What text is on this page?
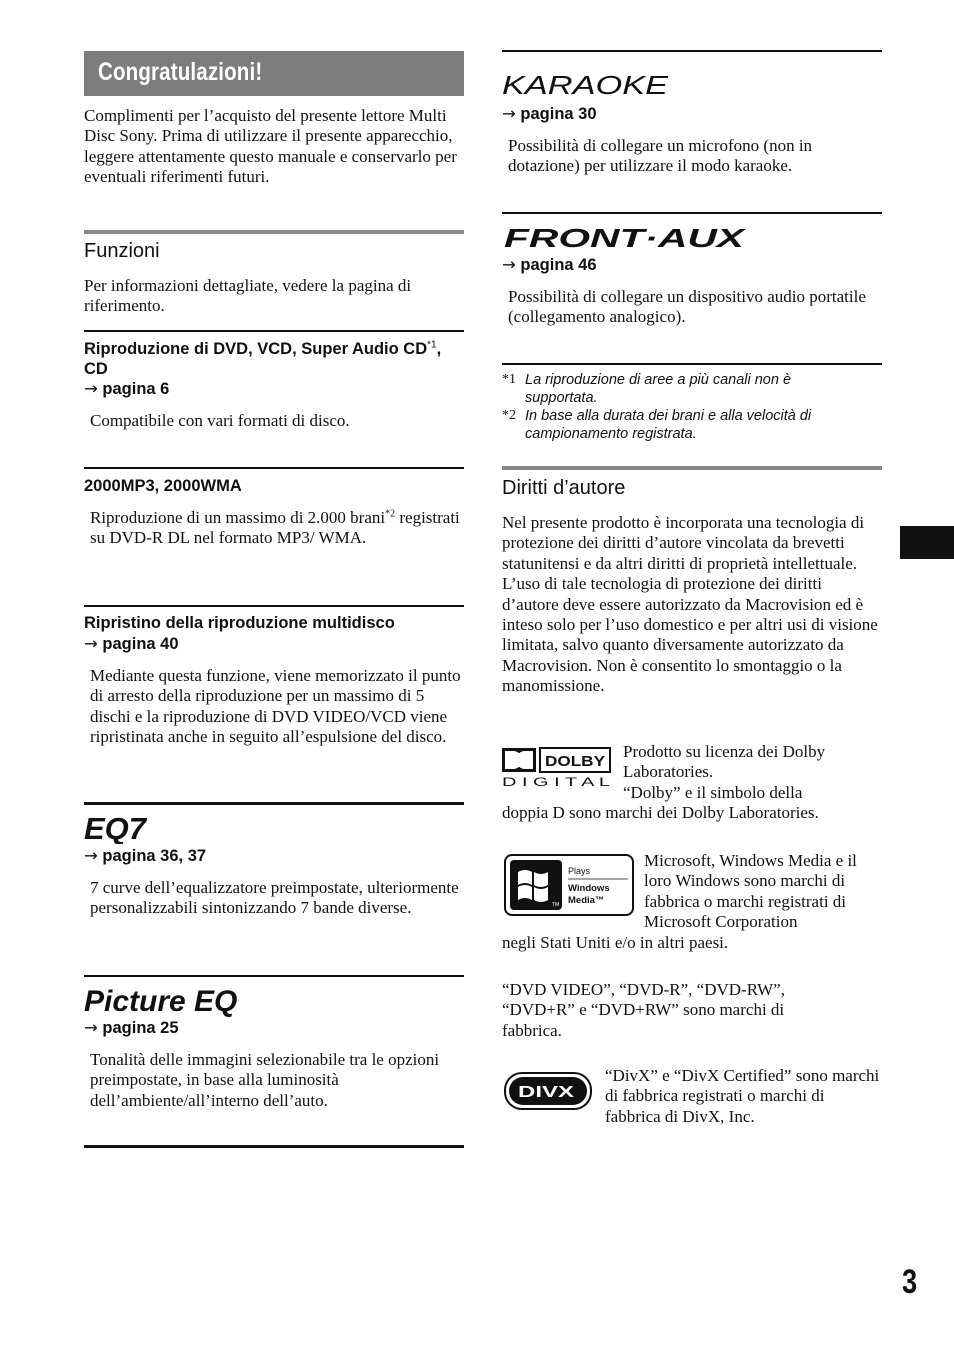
Congratulazioni!
Complimenti per l’acquisto del presente lettore Multi Disc Sony. Prima di utilizzare il presente apparecchio, leggere attentamente questo manuale e conservarlo per eventuali riferimenti futuri.
Funzioni
Per informazioni dettagliate, vedere la pagina di riferimento.
Riproduzione di DVD, VCD, Super Audio CD$^{*1}$, CD
→ pagina 6
Compatibile con vari formati di disco.
2000MP3, 2000WMA
Riproduzione di un massimo di 2.000 brani$^{*2}$ registrati su DVD-R DL nel formato MP3/ WMA.
Ripristino della riproduzione multidisco
→ pagina 40
Mediante questa funzione, viene memorizzato il punto di arresto della riproduzione per un massimo di 5 dischi e la riproduzione di DVD VIDEO/VCD viene ripristinata anche in seguito all’espulsione del disco.
EQ7
→ pagina 36, 37
7 curve dell’equalizzatore preimpostate, ulteriormente personalizzabili sintonizzando 7 bande diverse.
Picture EQ
→ pagina 25
Tonalità delle immagini selezionabile tra le opzioni preimpostate, in base alla luminosità dell’ambiente/all’interno dell’auto.
KARAOKE
→ pagina 30
Possibilità di collegare un microfono (non in dotazione) per utilizzare il modo karaoke.
FRONT·AUX
→ pagina 46
Possibilità di collegare un dispositivo audio portatile (collegamento analogico).
*1 La riproduzione di aree a più canali non è supportata.
*2 In base alla durata dei brani e alla velocità di campionamento registrata.
Diritti d’autore
Nel presente prodotto è incorporata una tecnologia di protezione dei diritti d’autore vincolata da brevetti statunitensi e da altri diritti di proprietà intellettuale. L’uso di tale tecnologia di protezione dei diritti d’autore deve essere autorizzato da Macrovision ed è inteso solo per l’uso domestico e per altri usi di visione limitata, salvo quanto diversamente autorizzato da Macrovision. Non è consentito lo smontaggio o la manomissione.
DOLBY
D I G I T A L
Prodotto su licenza dei Dolby Laboratories.
“Dolby” e il simbolo della
doppia D sono marchi dei Dolby Laboratories.
TM
Plays
Windows
Media™
Microsoft, Windows Media e il loro Windows sono marchi di fabbrica o marchi registrati di Microsoft Corporation
negli Stati Uniti e/o in altri paesi.
“DVD VIDEO”, “DVD-R”, “DVD-RW”, “DVD+R” e “DVD+RW” sono marchi di fabbrica.
DIVX
“DivX” e “DivX Certified” sono marchi di fabbrica registrati o marchi di fabbrica di DivX, Inc.
3
